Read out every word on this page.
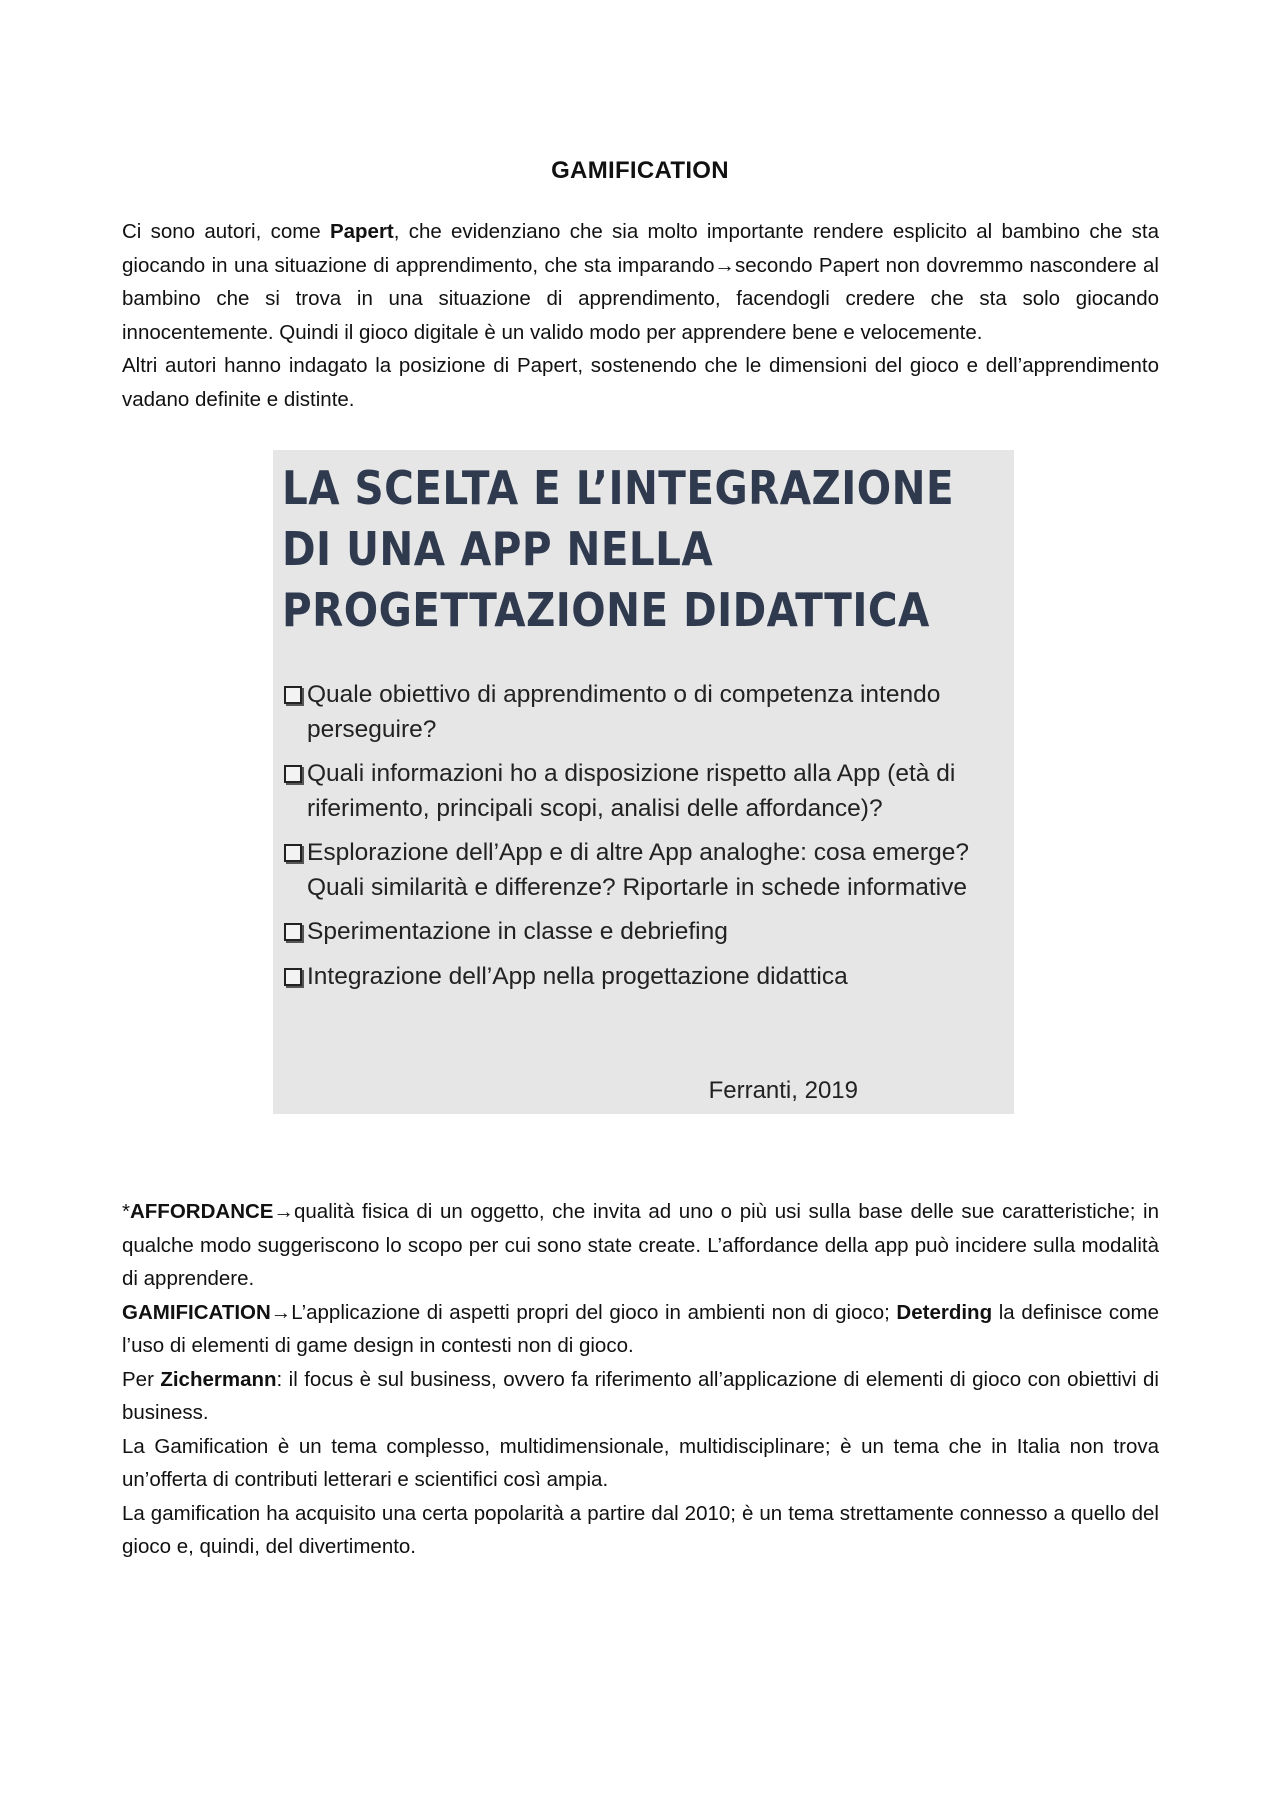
GAMIFICATION

Ci sono autori, come Papert, che evidenziano che sia molto importante rendere esplicito al bambino che sta giocando in una situazione di apprendimento, che sta imparando→secondo Papert non dovremmo nascondere al bambino che si trova in una situazione di apprendimento, facendogli credere che sta solo giocando innocentemente. Quindi il gioco digitale è un valido modo per apprendere bene e velocemente.

Altri autori hanno indagato la posizione di Papert, sostenendo che le dimensioni del gioco e dell’apprendimento vadano definite e distinte.

LA SCELTA E L’INTEGRAZIONE
DI UNA APP NELLA
PROGETTAZIONE DIDATTICA
Quale obiettivo di apprendimento o di competenza intendo perseguire?
Quali informazioni ho a disposizione rispetto alla App (età di riferimento, principali scopi, analisi delle affordance)?
Esplorazione dell’App e di altre App analoghe: cosa emerge? Quali similarità e differenze? Riportarle in schede informative
Sperimentazione in classe e debriefing
Integrazione dell’App nella progettazione didattica

Ferranti, 2019

*AFFORDANCE→qualità fisica di un oggetto, che invita ad uno o più usi sulla base delle sue caratteristiche; in qualche modo suggeriscono lo scopo per cui sono state create. L’affordance della app può incidere sulla modalità di apprendere.

GAMIFICATION→L’applicazione di aspetti propri del gioco in ambienti non di gioco; Deterding la definisce come l’uso di elementi di game design in contesti non di gioco.

Per Zichermann: il focus è sul business, ovvero fa riferimento all’applicazione di elementi di gioco con obiettivi di business.

La Gamification è un tema complesso, multidimensionale, multidisciplinare; è un tema che in Italia non trova un’offerta di contributi letterari e scientifici così ampia.

La gamification ha acquisito una certa popolarità a partire dal 2010; è un tema strettamente connesso a quello del gioco e, quindi, del divertimento.
